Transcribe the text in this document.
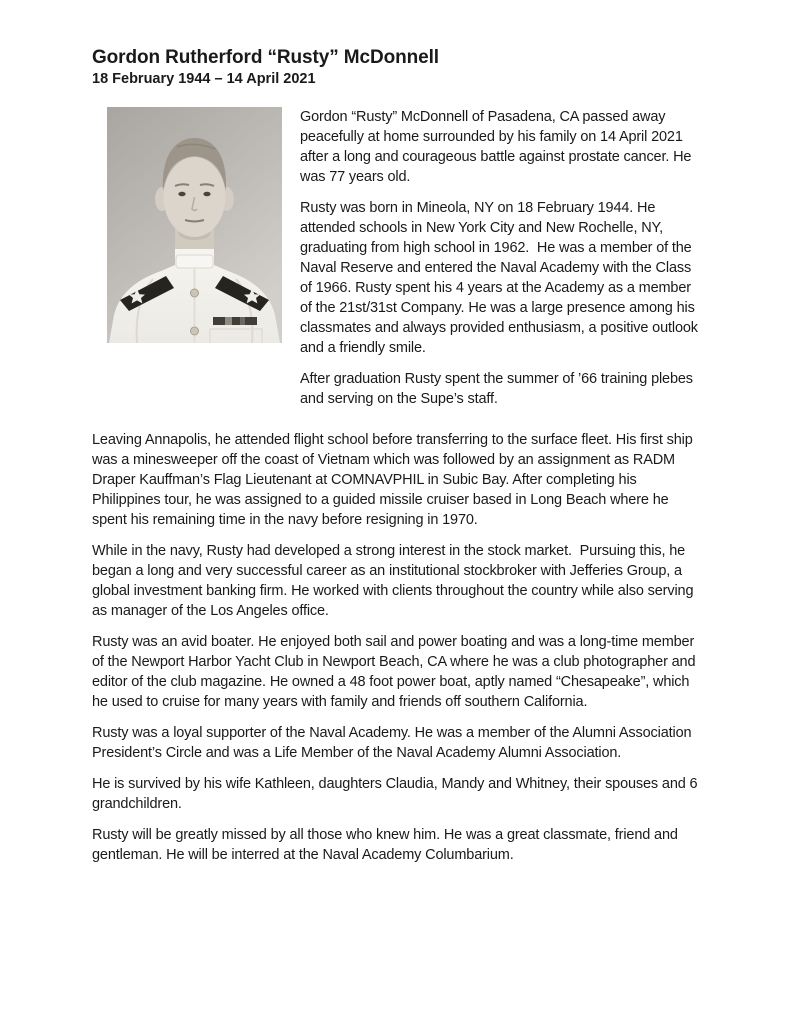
Gordon Rutherford “Rusty” McDonnell
18 February 1944 – 14 April 2021

Gordon “Rusty” McDonnell of Pasadena, CA passed away peacefully at home surrounded by his family on 14 April 2021 after a long and courageous battle against prostate cancer. He was 77 years old.

Rusty was born in Mineola, NY on 18 February 1944. He attended schools in New York City and New Rochelle, NY, graduating from high school in 1962.  He was a member of the Naval Reserve and entered the Naval Academy with the Class of 1966. Rusty spent his 4 years at the Academy as a member of the 21st/31st Company. He was a large presence among his classmates and always provided enthusiasm, a positive outlook and a friendly smile.

After graduation Rusty spent the summer of ’66 training plebes and serving on the Supe’s staff.

Leaving Annapolis, he attended flight school before transferring to the surface fleet. His first ship was a minesweeper off the coast of Vietnam which was followed by an assignment as RADM Draper Kauffman’s Flag Lieutenant at COMNAVPHIL in Subic Bay. After completing his Philippines tour, he was assigned to a guided missile cruiser based in Long Beach where he spent his remaining time in the navy before resigning in 1970.

While in the navy, Rusty had developed a strong interest in the stock market.  Pursuing this, he began a long and very successful career as an institutional stockbroker with Jefferies Group, a global investment banking firm. He worked with clients throughout the country while also serving as manager of the Los Angeles office.

Rusty was an avid boater. He enjoyed both sail and power boating and was a long-time member of the Newport Harbor Yacht Club in Newport Beach, CA where he was a club photographer and editor of the club magazine. He owned a 48 foot power boat, aptly named “Chesapeake”, which he used to cruise for many years with family and friends off southern California.

Rusty was a loyal supporter of the Naval Academy. He was a member of the Alumni Association President’s Circle and was a Life Member of the Naval Academy Alumni Association.

He is survived by his wife Kathleen, daughters Claudia, Mandy and Whitney, their spouses and 6 grandchildren.

Rusty will be greatly missed by all those who knew him. He was a great classmate, friend and gentleman. He will be interred at the Naval Academy Columbarium.
